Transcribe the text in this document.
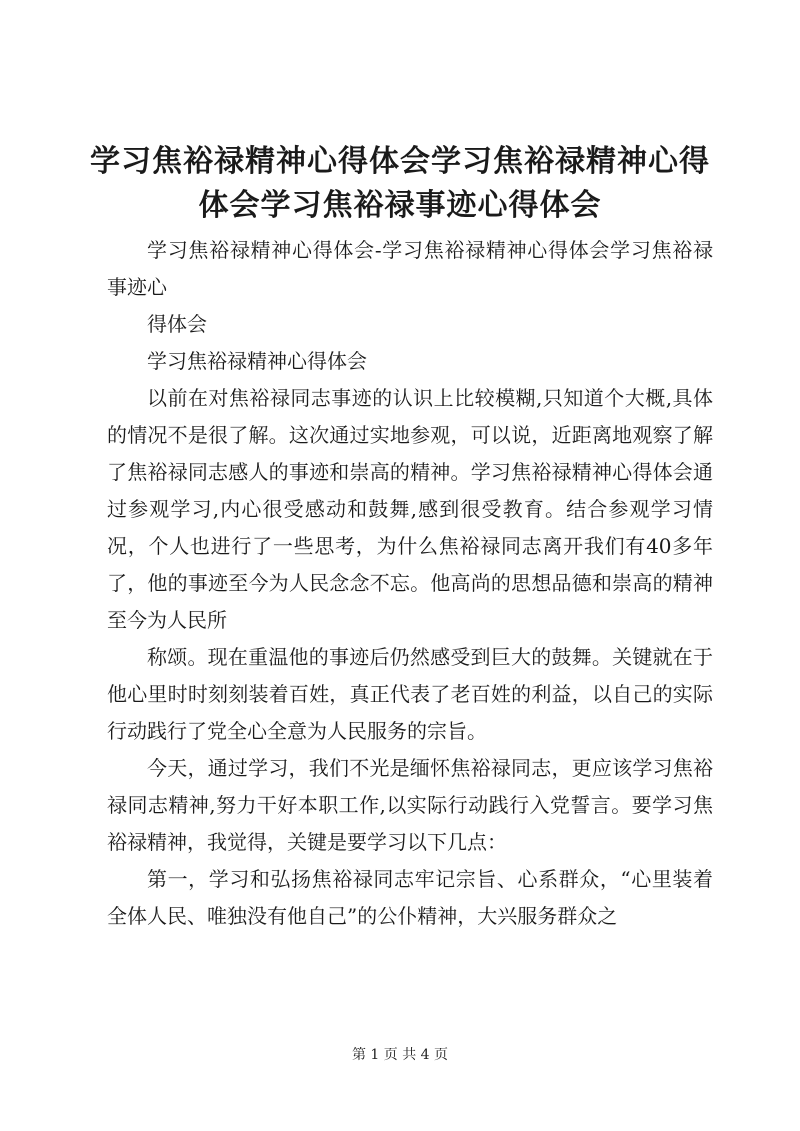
学习焦裕禄精神心得体会学习焦裕禄精神心得体会学习焦裕禄事迹心得体会

学习焦裕禄精神心得体会-学习焦裕禄精神心得体会学习焦裕禄事迹心

得体会

学习焦裕禄精神心得体会

以前在对焦裕禄同志事迹的认识上比较模糊,只知道个大概,具体的情况不是很了解。这次通过实地参观，可以说，近距离地观察了解了焦裕禄同志感人的事迹和崇高的精神。学习焦裕禄精神心得体会通过参观学习,内心很受感动和鼓舞,感到很受教育。结合参观学习情况，个人也进行了一些思考，为什么焦裕禄同志离开我们有40多年了，他的事迹至今为人民念念不忘。他高尚的思想品德和崇高的精神至今为人民所

称颂。现在重温他的事迹后仍然感受到巨大的鼓舞。关键就在于他心里时时刻刻装着百姓，真正代表了老百姓的利益，以自己的实际行动践行了党全心全意为人民服务的宗旨。

今天，通过学习，我们不光是缅怀焦裕禄同志，更应该学习焦裕禄同志精神,努力干好本职工作,以实际行动践行入党誓言。要学习焦裕禄精神，我觉得，关键是要学习以下几点：

第一，学习和弘扬焦裕禄同志牢记宗旨、心系群众，“心里装着全体人民、唯独没有他自己”的公仆精神，大兴服务群众之

第 1 页 共 4 页
